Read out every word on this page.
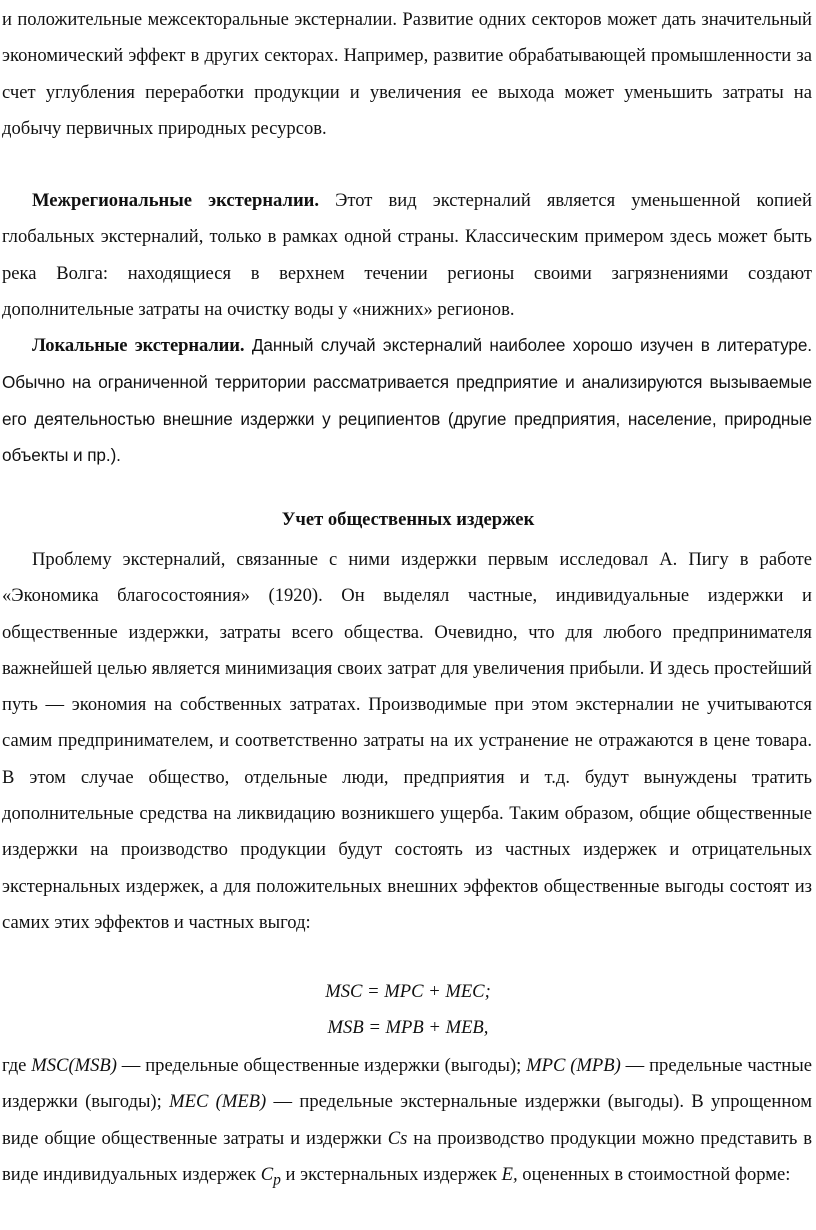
и положительные межсекторальные экстерналии. Развитие одних секторов может дать значительный экономический эффект в других секторах. Например, развитие обрабатывающей промышленности за счет углубления переработки продукции и увеличения ее выхода может уменьшить затраты на добычу первичных природных ресурсов.

Межрегиональные экстерналии. Этот вид экстерналий является уменьшенной копией глобальных экстерналий, только в рамках одной страны. Классическим примером здесь может быть река Волга: находящиеся в верхнем течении регионы своими загрязнениями создают дополнительные затраты на очистку воды у «нижних» регионов.

Локальные экстерналии. Данный случай экстерналий наиболее хорошо изучен в литературе. Обычно на ограниченной территории рассматривается предприятие и анализируются вызываемые его деятельностью внешние издержки у реципиентов (другие предприятия, население, природные объекты и пр.).

Учет общественных издержек

Проблему экстерналий, связанные с ними издержки первым исследовал А. Пигу в работе «Экономика благосостояния» (1920). Он выделял частные, индивидуальные издержки и общественные издержки, затраты всего общества. Очевидно, что для любого предпринимателя важнейшей целью является минимизация своих затрат для увеличения прибыли. И здесь простейший путь — экономия на собственных затратах. Производимые при этом экстерналии не учитываются самим предпринимателем, и соответственно затраты на их устранение не отражаются в цене товара. В этом случае общество, отдельные люди, предприятия и т.д. будут вынуждены тратить дополнительные средства на ликвидацию возникшего ущерба. Таким образом, общие общественные издержки на производство продукции будут состоять из частных издержек и отрицательных экстернальных издержек, а для положительных внешних эффектов общественные выгоды состоят из самих этих эффектов и частных выгод:

MSC = MPC + MEC;

MSB = MPB + MEB,

где MSC(MSB) — предельные общественные издержки (выгоды); MPC (MPB) — предельные частные издержки (выгоды); MEC (MEB) — предельные экстернальные издержки (выгоды). В упрощенном виде общие общественные затраты и издержки Cs на производство продукции можно представить в виде индивидуальных издержек $C_p$ и экстернальных издержек E, оцененных в стоимостной форме:
